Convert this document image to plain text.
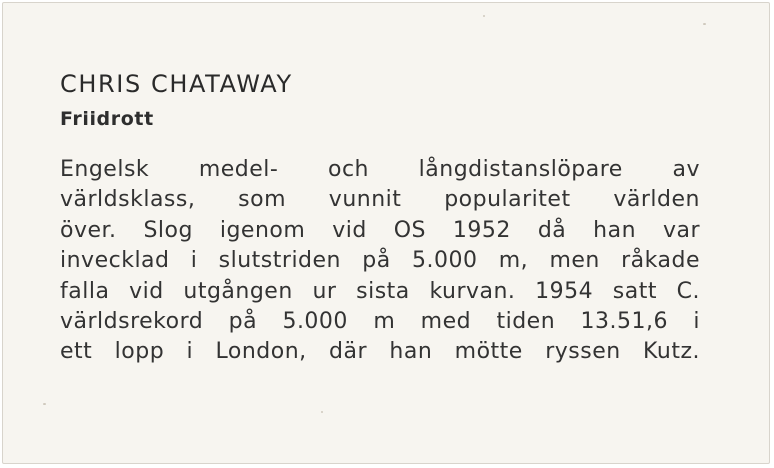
CHRIS CHATAWAY
Friidrott
Engelsk medel- och långdistanslöpare av
världsklass, som vunnit popularitet världen
över. Slog igenom vid OS 1952 då han var
invecklad i slutstriden på 5.000 m, men råkade
falla vid utgången ur sista kurvan. 1954 satt C.
världsrekord på 5.000 m med tiden 13.51,6 i
ett lopp i London, där han mötte ryssen Kutz.
